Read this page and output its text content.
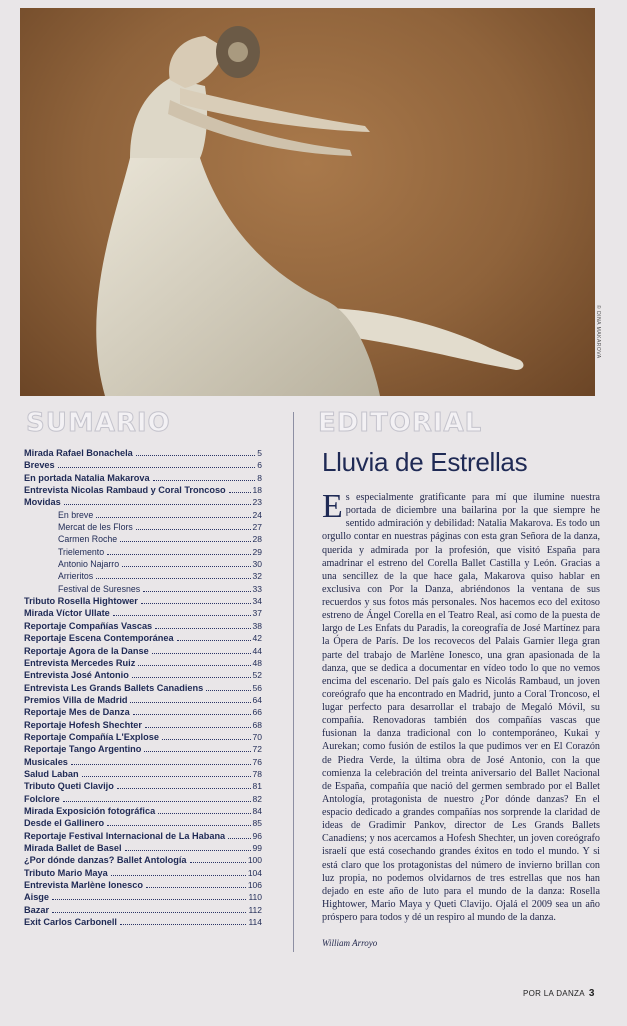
© DINA MAKAROVA
SUMARIO
Mirada Rafael Bonachela	5
Breves	6
En portada Natalia Makarova	8
Entrevista Nicolas Rambaud y Coral Troncoso	18
Movidas	23
En breve	24
Mercat de les Flors	27
Carmen Roche	28
Trielemento	29
Antonio Najarro	30
Arrieritos	32
Festival de Suresnes	33
Tributo Rosella Hightower	34
Mirada Víctor Ullate	37
Reportaje Compañías Vascas	38
Reportaje Escena Contemporánea	42
Reportaje Agora de la Danse	44
Entrevista Mercedes Ruiz	48
Entrevista José Antonio	52
Entrevista Les Grands Ballets Canadiens	56
Premios Villa de Madrid	64
Reportaje Mes de Danza	66
Reportaje Hofesh Shechter	68
Reportaje Compañía L'Explose	70
Reportaje Tango Argentino	72
Musicales	76
Salud Laban	78
Tributo Queti Clavijo	81
Folclore	82
Mirada Exposición fotográfica	84
Desde el Gallinero	85
Reportaje Festival Internacional de La Habana	96
Mirada Ballet de Basel	99
¿Por dónde danzas? Ballet Antología	100
Tributo Mario Maya	104
Entrevista Marlène Ionesco	106
Aisge	110
Bazar	112
Exit Carlos Carbonell	114
EDITORIAL
Lluvia de Estrellas

Es especialmente gratificante para mí que ilumine nuestra portada de diciembre una bailarina por la que siempre he sentido admiración y debilidad: Natalia Makarova. Es todo un orgullo contar en nuestras páginas con esta gran Señora de la danza, querida y admirada por la profesión, que visitó España para amadrinar el estreno del Corella Ballet Castilla y León. Gracias a una sencillez de la que hace gala, Makarova quiso hablar en exclusiva con Por la Danza, abriéndonos la ventana de sus recuerdos y sus fotos más personales. Nos hacemos eco del exitoso estreno de Ángel Corella en el Teatro Real, así como de la puesta de largo de Les Enfats du Paradis, la coreografía de José Martínez para la Ópera de París. De los recovecos del Palais Garnier llega gran parte del trabajo de Marlène Ionesco, una gran apasionada de la danza, que se dedica a documentar en vídeo todo lo que no vemos encima del escenario. Del país galo es Nicolás Rambaud, un joven coreógrafo que ha encontrado en Madrid, junto a Coral Troncoso, el lugar perfecto para desarrollar el trabajo de Megaló Móvil, su compañía. Renovadoras también dos compañías vascas que fusionan la danza tradicional con lo contemporáneo, Kukai y Aurekan; como fusión de estilos la que pudimos ver en El Corazón de Piedra Verde, la última obra de José Antonio, con la que comienza la celebración del treinta aniversario del Ballet Nacional de España, compañía que nació del germen sembrado por el Ballet Antología, protagonista de nuestro ¿Por dónde danzas? En el espacio dedicado a grandes compañías nos sorprende la claridad de ideas de Gradimir Pankov, director de Les Grands Ballets Canadiens; y nos acercamos a Hofesh Shechter, un joven coreógrafo israelí que está cosechando grandes éxitos en todo el mundo. Y si está claro que los protagonistas del número de invierno brillan con luz propia, no podemos olvidarnos de tres estrellas que nos han dejado en este año de luto para el mundo de la danza: Rosella Hightower, Mario Maya y Queti Clavijo. Ojalá el 2009 sea un año próspero para todos y dé un respiro al mundo de la danza.

William Arroyo
POR LA DANZA 3
